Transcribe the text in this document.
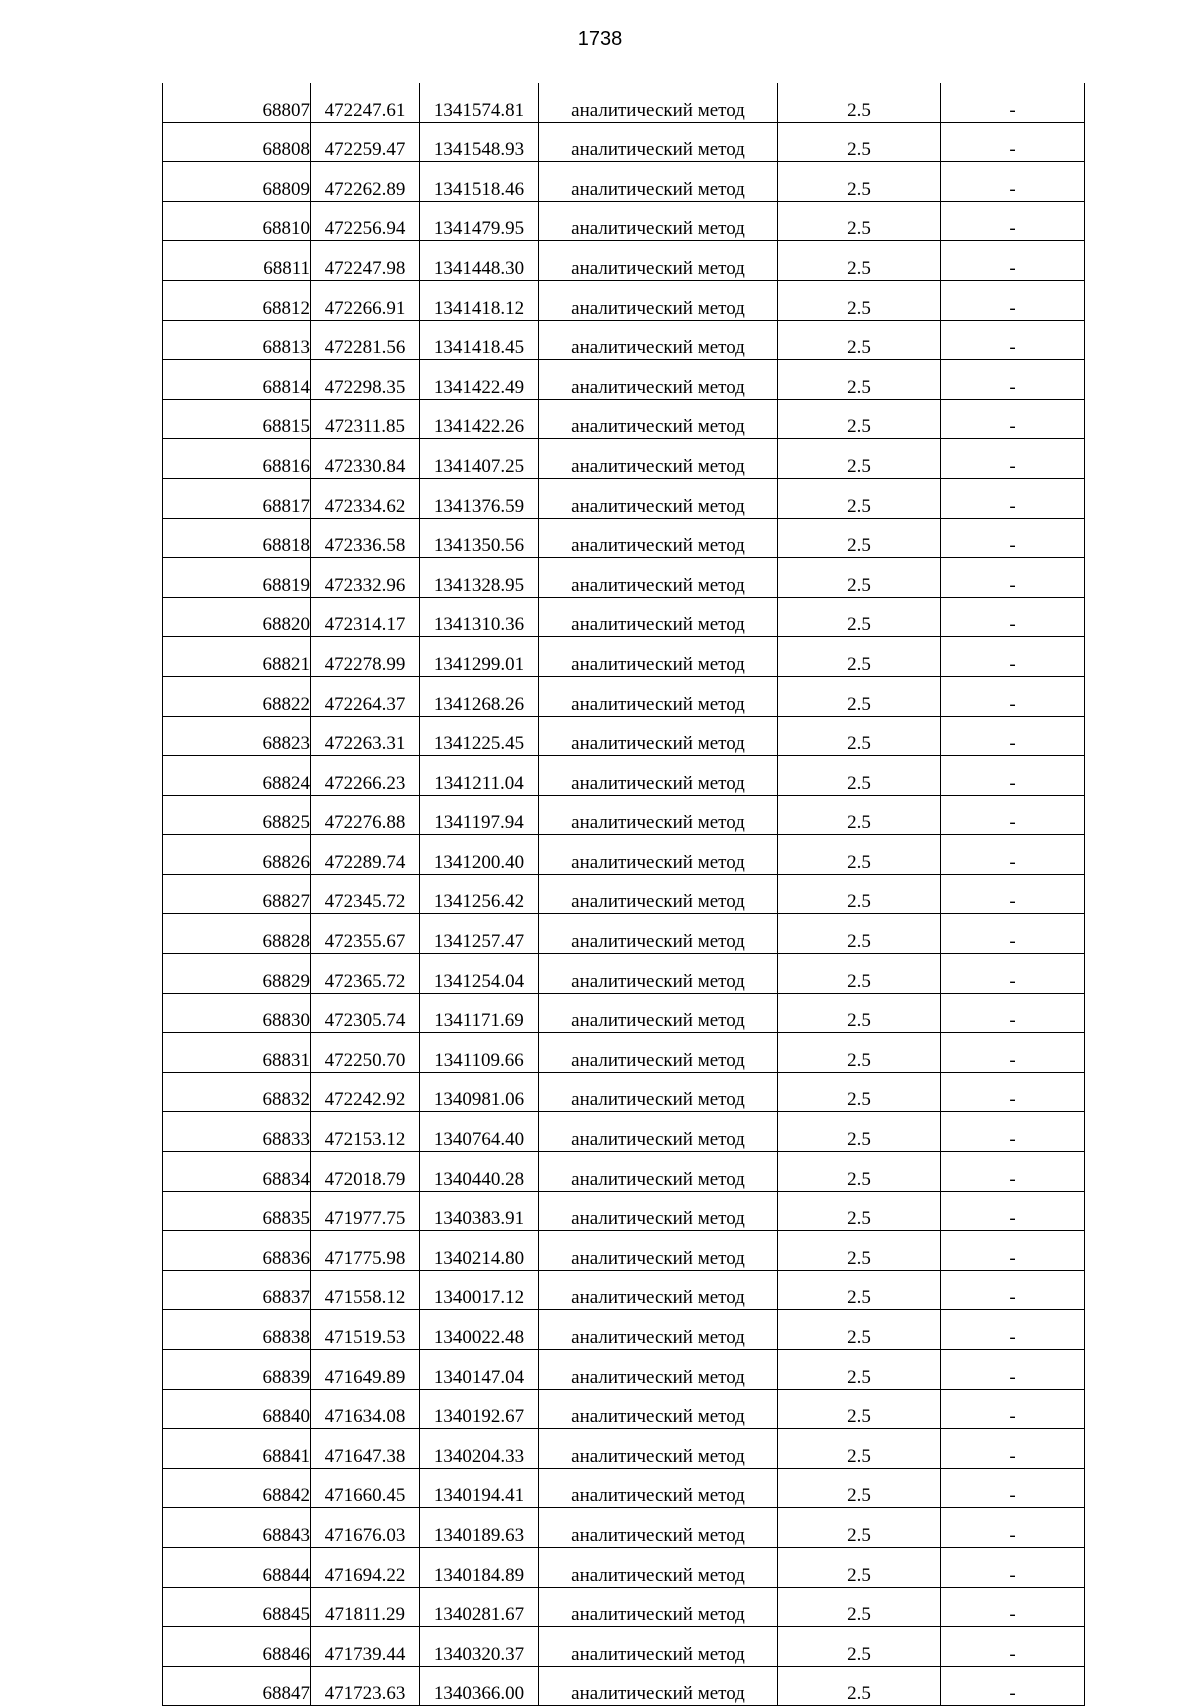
1738
68807	472247.61	1341574.81	аналитический метод	2.5	-
68808	472259.47	1341548.93	аналитический метод	2.5	-
68809	472262.89	1341518.46	аналитический метод	2.5	-
68810	472256.94	1341479.95	аналитический метод	2.5	-
68811	472247.98	1341448.30	аналитический метод	2.5	-
68812	472266.91	1341418.12	аналитический метод	2.5	-
68813	472281.56	1341418.45	аналитический метод	2.5	-
68814	472298.35	1341422.49	аналитический метод	2.5	-
68815	472311.85	1341422.26	аналитический метод	2.5	-
68816	472330.84	1341407.25	аналитический метод	2.5	-
68817	472334.62	1341376.59	аналитический метод	2.5	-
68818	472336.58	1341350.56	аналитический метод	2.5	-
68819	472332.96	1341328.95	аналитический метод	2.5	-
68820	472314.17	1341310.36	аналитический метод	2.5	-
68821	472278.99	1341299.01	аналитический метод	2.5	-
68822	472264.37	1341268.26	аналитический метод	2.5	-
68823	472263.31	1341225.45	аналитический метод	2.5	-
68824	472266.23	1341211.04	аналитический метод	2.5	-
68825	472276.88	1341197.94	аналитический метод	2.5	-
68826	472289.74	1341200.40	аналитический метод	2.5	-
68827	472345.72	1341256.42	аналитический метод	2.5	-
68828	472355.67	1341257.47	аналитический метод	2.5	-
68829	472365.72	1341254.04	аналитический метод	2.5	-
68830	472305.74	1341171.69	аналитический метод	2.5	-
68831	472250.70	1341109.66	аналитический метод	2.5	-
68832	472242.92	1340981.06	аналитический метод	2.5	-
68833	472153.12	1340764.40	аналитический метод	2.5	-
68834	472018.79	1340440.28	аналитический метод	2.5	-
68835	471977.75	1340383.91	аналитический метод	2.5	-
68836	471775.98	1340214.80	аналитический метод	2.5	-
68837	471558.12	1340017.12	аналитический метод	2.5	-
68838	471519.53	1340022.48	аналитический метод	2.5	-
68839	471649.89	1340147.04	аналитический метод	2.5	-
68840	471634.08	1340192.67	аналитический метод	2.5	-
68841	471647.38	1340204.33	аналитический метод	2.5	-
68842	471660.45	1340194.41	аналитический метод	2.5	-
68843	471676.03	1340189.63	аналитический метод	2.5	-
68844	471694.22	1340184.89	аналитический метод	2.5	-
68845	471811.29	1340281.67	аналитический метод	2.5	-
68846	471739.44	1340320.37	аналитический метод	2.5	-
68847	471723.63	1340366.00	аналитический метод	2.5	-
